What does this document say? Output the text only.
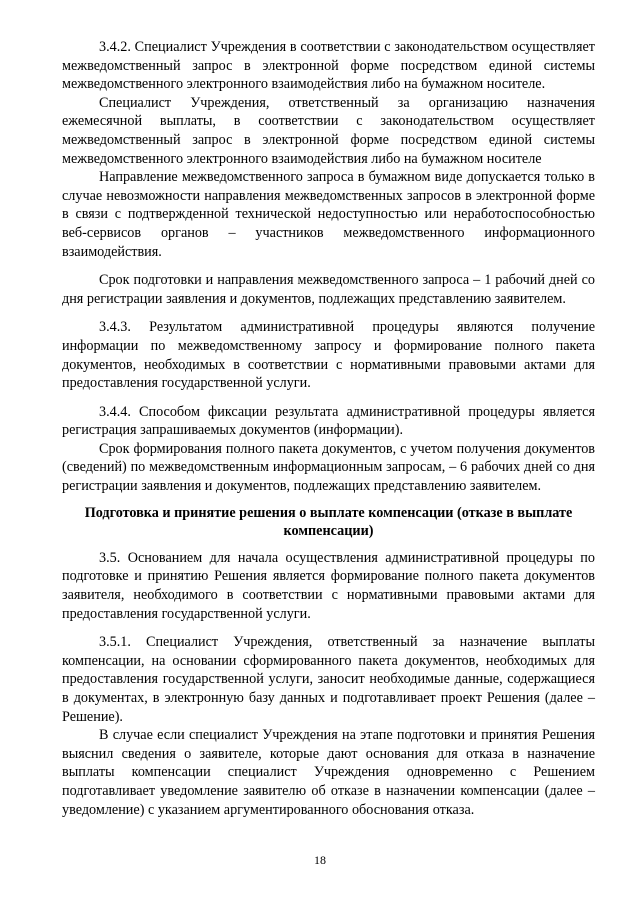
3.4.2. Специалист Учреждения в соответствии с законодательством осуществляет межведомственный запрос в электронной форме посредством единой системы межведомственного электронного взаимодействия либо на бумажном носителе.

Специалист Учреждения, ответственный за организацию назначения ежемесячной выплаты, в соответствии с законодательством осуществляет межведомственный запрос в электронной форме посредством единой системы межведомственного электронного взаимодействия либо на бумажном носителе

Направление межведомственного запроса в бумажном виде допускается только в случае невозможности направления межведомственных запросов в электронной форме в связи с подтвержденной технической недоступностью или неработоспособностью веб-сервисов органов – участников межведомственного информационного взаимодействия.

Срок подготовки и направления межведомственного запроса – 1 рабочий дней со дня регистрации заявления и документов, подлежащих представлению заявителем.

3.4.3. Результатом административной процедуры являются получение информации по межведомственному запросу и формирование полного пакета документов, необходимых в соответствии с нормативными правовыми актами для предоставления государственной услуги.

3.4.4. Способом фиксации результата административной процедуры является регистрация запрашиваемых документов (информации).

Срок формирования полного пакета документов, с учетом получения документов (сведений) по межведомственным информационным запросам, – 6 рабочих дней со дня регистрации заявления и документов, подлежащих представлению заявителем.

Подготовка и принятие решения о выплате компенсации (отказе в выплате компенсации)

3.5. Основанием для начала осуществления административной процедуры по подготовке и принятию Решения является формирование полного пакета документов заявителя, необходимого в соответствии с нормативными правовыми актами для предоставления государственной услуги.

3.5.1. Специалист Учреждения, ответственный за назначение выплаты компенсации, на основании сформированного пакета документов, необходимых для предоставления государственной услуги, заносит необходимые данные, содержащиеся в документах, в электронную базу данных и подготавливает проект Решения (далее – Решение).

В случае если специалист Учреждения на этапе подготовки и принятия Решения выяснил сведения о заявителе, которые дают основания для отказа в назначение выплаты компенсации специалист Учреждения одновременно с Решением подготавливает уведомление заявителю об отказе в назначении компенсации (далее – уведомление) с указанием аргументированного обоснования отказа.

18
